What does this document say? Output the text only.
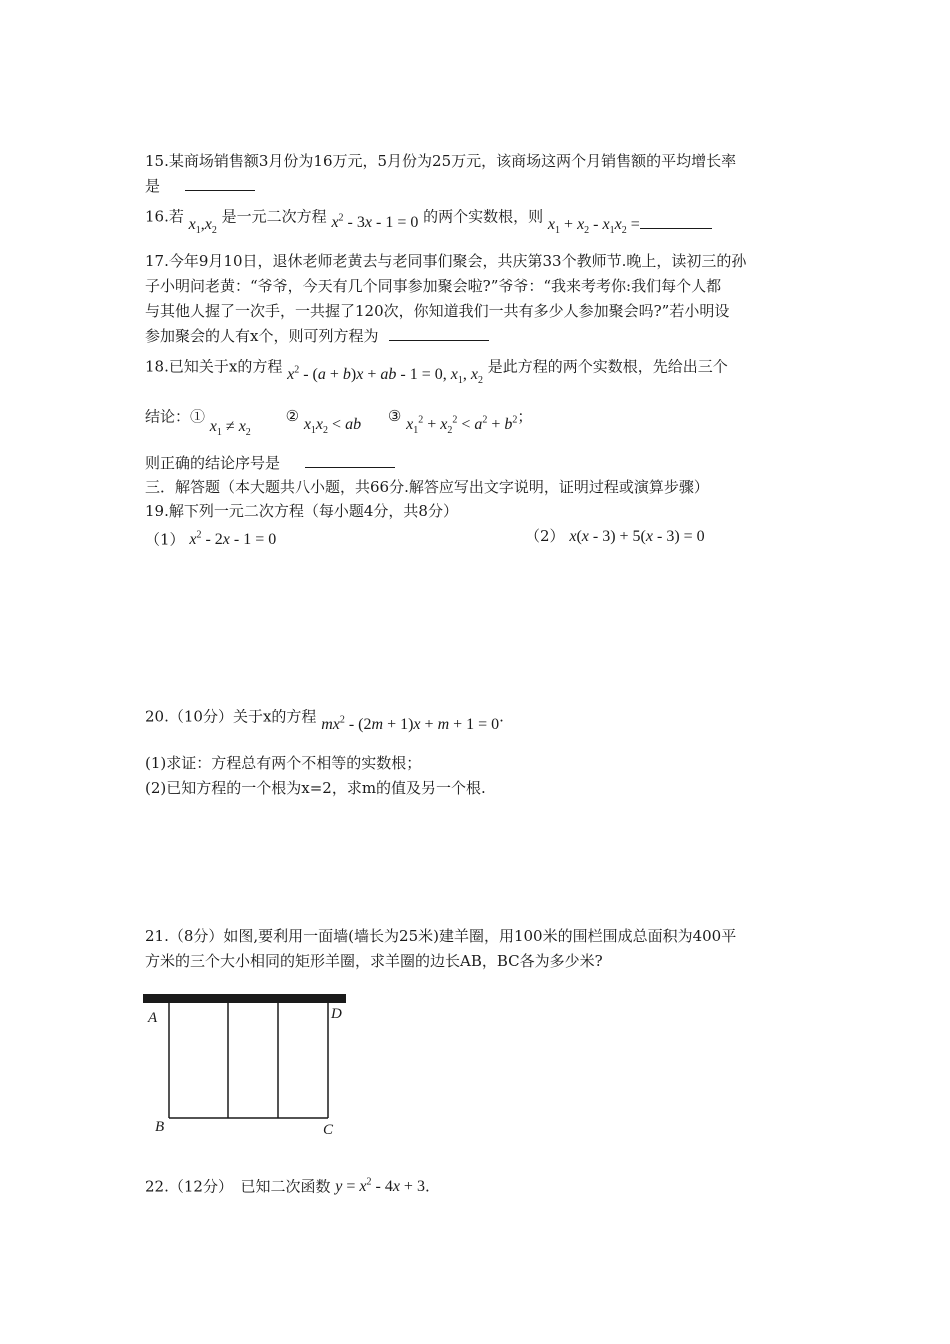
15.某商场销售额3月份为16万元，5月份为25万元，该商场这两个月销售额的平均增长率
是
16.若 $x_1,x_2$ 是一元二次方程 $x^2 - 3x - 1 = 0$ 的两个实数根，则 $x_1 + x_2 - x_1x_2$ =
17.今年9月10日，退休老师老黄去与老同事们聚会，共庆第33个教师节.晚上，读初三的孙
子小明问老黄：“爷爷，今天有几个同事参加聚会啦?”爷爷：“我来考考你:我们每个人都
与其他人握了一次手，一共握了120次，你知道我们一共有多少人参加聚会吗?”若小明设
参加聚会的人有x个，则可列方程为
18.已知关于x的方程 $x^2 - (a + b)x$ + ab - 1 = 0, $x_1$, $x_2$ 是此方程的两个实数根，先给出三个
结论：① $x_1 \ne x_2$ ② $x_1x_2$ < ab ③ $x_1^2 + x_2^2 < a^2 + b^2$；
则正确的结论序号是
三．解答题（本大题共八小题，共66分.解答应写出文字说明，证明过程或演算步骤）
19.解下列一元二次方程（每小题4分，共8分）
（1） $x^2 - 2x - 1 = 0$	（2） x(x - 3) + 5(x - 3) = 0
20.（10分）关于x的方程 $mx^2 - (2m + 1)x + m + 1 = 0$.
(1)求证：方程总有两个不相等的实数根；
(2)已知方程的一个根为x=2，求m的值及另一个根.
21.（8分）如图,要利用一面墙(墙长为25米)建羊圈，用100米的围栏围成总面积为400平
方米的三个大小相同的矩形羊圈，求羊圈的边长AB，BC各为多少米?
A	D
B	C
22.（12分）　已知二次函数 $y = x^2 - 4x + 3$.
